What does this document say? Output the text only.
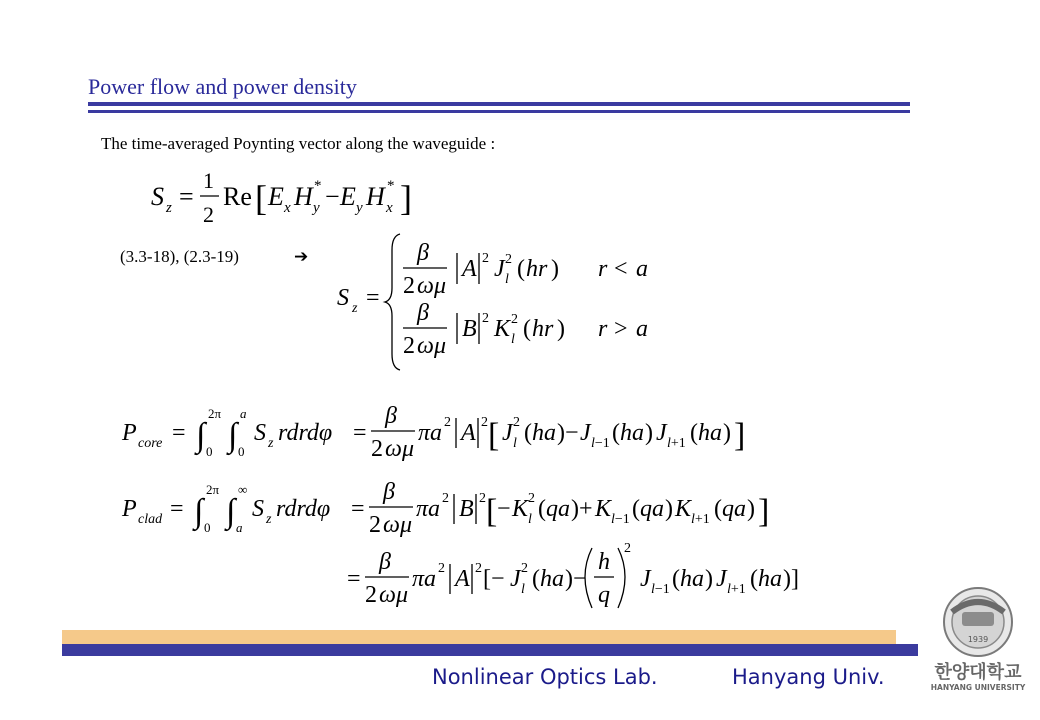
Power flow and power density
The time-averaged Poynting vector along the waveguide :
S z =
1
2
Re [ E x H *
y − E y H *
x ]
(3.3-18), (2.3-19)	➔
S z =
β
2 ωμ
A 2 J 2
l ( hr ) r < a
β
2 ωμ
B 2 K 2
l ( hr ) r > a
P core = ∫
2π
0 ∫
a
0
S z rdrdφ =
β
2 ωμ
πa 2 A 2 [ J 2
l ( ha )− J l−1 ( ha ) J l+1 ( ha ) ]
P clad = ∫
2π
0 ∫
∞
a
S z rdrdφ =
β
2 ωμ
πa 2 B 2 [ − K 2
l ( qa )+ K l−1 ( qa ) K l+1 ( qa ) ]
=
β
2 ωμ
πa 2 A 2 [− J 2
l ( ha )−
h
q
2
J l−1 ( ha ) J l+1 ( ha )]
Nonlinear Optics Lab.	Hanyang Univ.
1939
한양대학교
HANYANG UNIVERSITY
